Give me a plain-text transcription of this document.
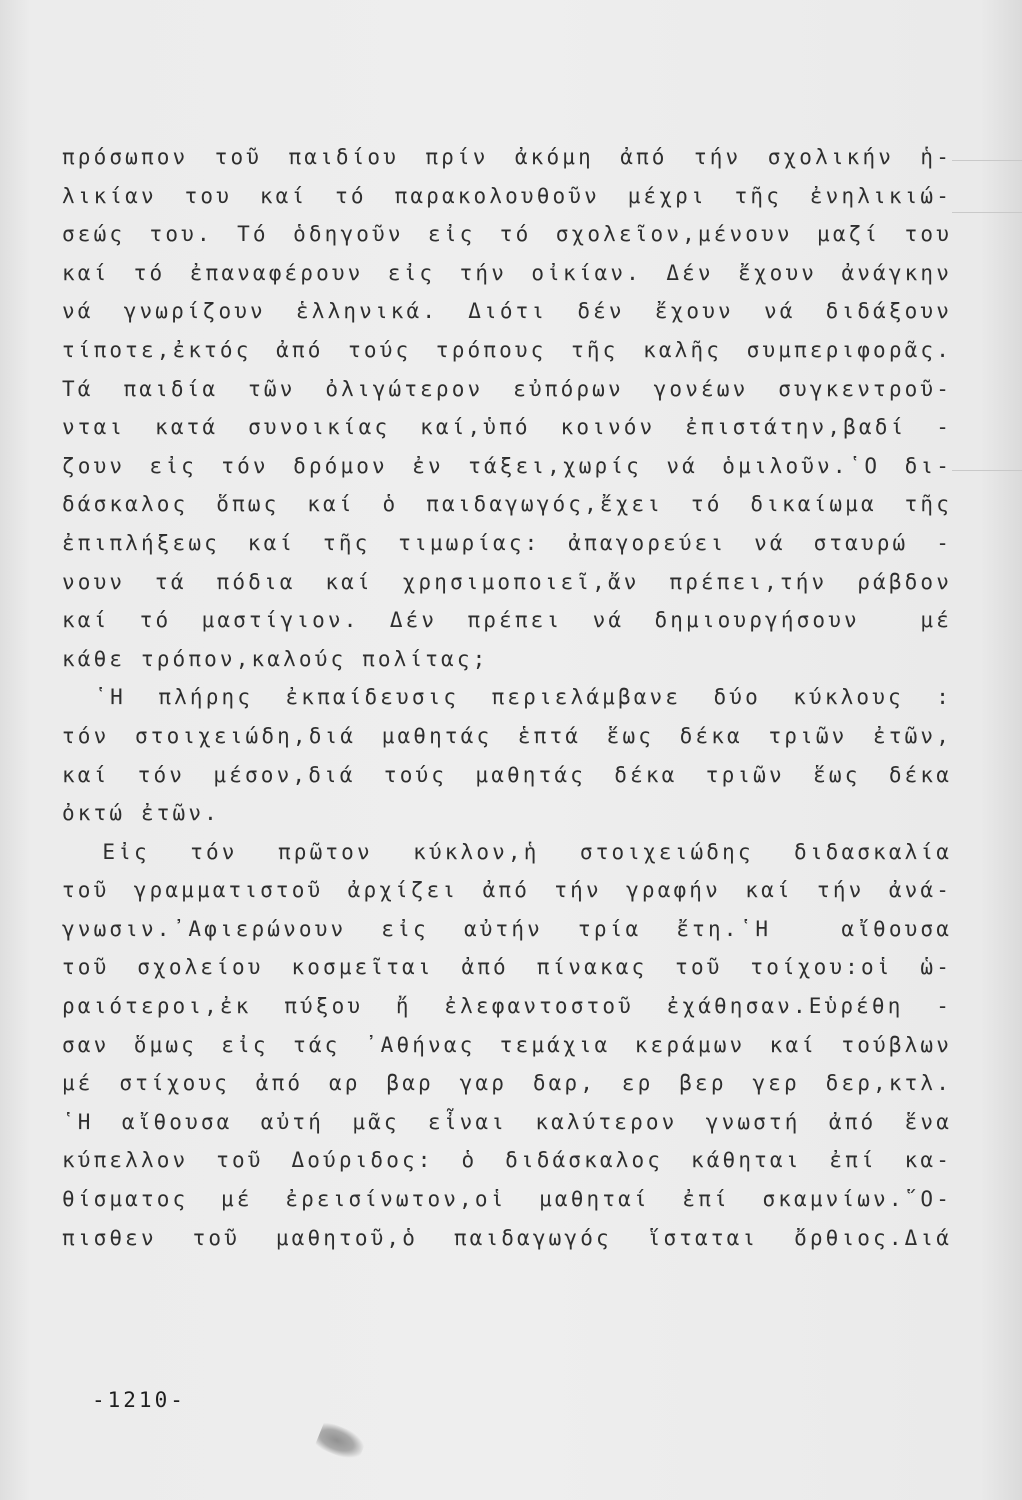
πρόσωπον τοῦ παιδίου πρίν ἀκόμη ἀπό τήν σχολικήν ἡ-
λικίαν του καί τό παρακολουθοῦν μέχρι τῆς ἐνηλικιώ-
σεώς του. Τό ὁδηγοῦν εἰς τό σχολεῖον,μένουν μαζί του
καί τό ἐπαναφέρουν εἰς τήν οἰκίαν. Δέν ἔχουν ἀνάγκην
νά γνωρίζουν ἑλληνικά. Διότι δέν ἔχουν νά διδάξουν
τίποτε,ἐκτός ἀπό τούς τρόπους τῆς καλῆς συμπεριφορᾶς.
Τά παιδία τῶν ὀλιγώτερον εὐπόρων γονέων συγκεντροῦ-
νται κατά συνοικίας καί,ὑπό κοινόν ἐπιστάτην,βαδί -
ζουν εἰς τόν δρόμον ἐν τάξει,χωρίς νά ὁμιλοῦν.῾Ο δι-
δάσκαλος ὅπως καί ὁ παιδαγωγός,ἔχει τό δικαίωμα τῆς
ἐπιπλήξεως καί τῆς τιμωρίας: ἀπαγορεύει νά σταυρώ -
νουν τά πόδια καί χρησιμοποιεῖ,ἄν πρέπει,τήν ράβδον
καί τό μαστίγιον. Δέν πρέπει νά δημιουργήσουν  μέ
κάθε τρόπον,καλούς πολίτας;
῾Η πλήρης ἐκπαίδευσις περιελάμβανε δύο κύκλους :
τόν στοιχειώδη,διά μαθητάς ἑπτά ἕως δέκα τριῶν ἐτῶν,
καί τόν μέσον,διά τούς μαθητάς δέκα τριῶν ἕως δέκα
ὀκτώ ἐτῶν.
Εἰς τόν πρῶτον κύκλον,ἡ στοιχειώδης διδασκαλία
τοῦ γραμματιστοῦ ἀρχίζει ἀπό τήν γραφήν καί τήν ἀνά-
γνωσιν.᾿Αφιερώνουν εἰς αὐτήν τρία ἔτη.῾Η  αἴθουσα
τοῦ σχολείου κοσμεῖται ἀπό πίνακας τοῦ τοίχου:οἱ ὡ-
ραιότεροι,ἐκ πύξου ἤ ἐλεφαντοστοῦ ἐχάθησαν.Εὑρέθη -
σαν ὅμως εἰς τάς ᾿Αθήνας τεμάχια κεράμων καί τούβλων
μέ στίχους ἀπό αρ βαρ γαρ δαρ, ερ βερ γερ δερ,κτλ.
῾Η αἴθουσα αὐτή μᾶς εἶναι καλύτερον γνωστή ἀπό ἕνα
κύπελλον τοῦ Δούριδος: ὁ διδάσκαλος κάθηται ἐπί κα-
θίσματος μέ ἐρεισίνωτον,οἱ μαθηταί ἐπί σκαμνίων.῞Ο-
πισθεν τοῦ μαθητοῦ,ὁ παιδαγωγός ἵσταται ὄρθιος.Διά
-1210-
